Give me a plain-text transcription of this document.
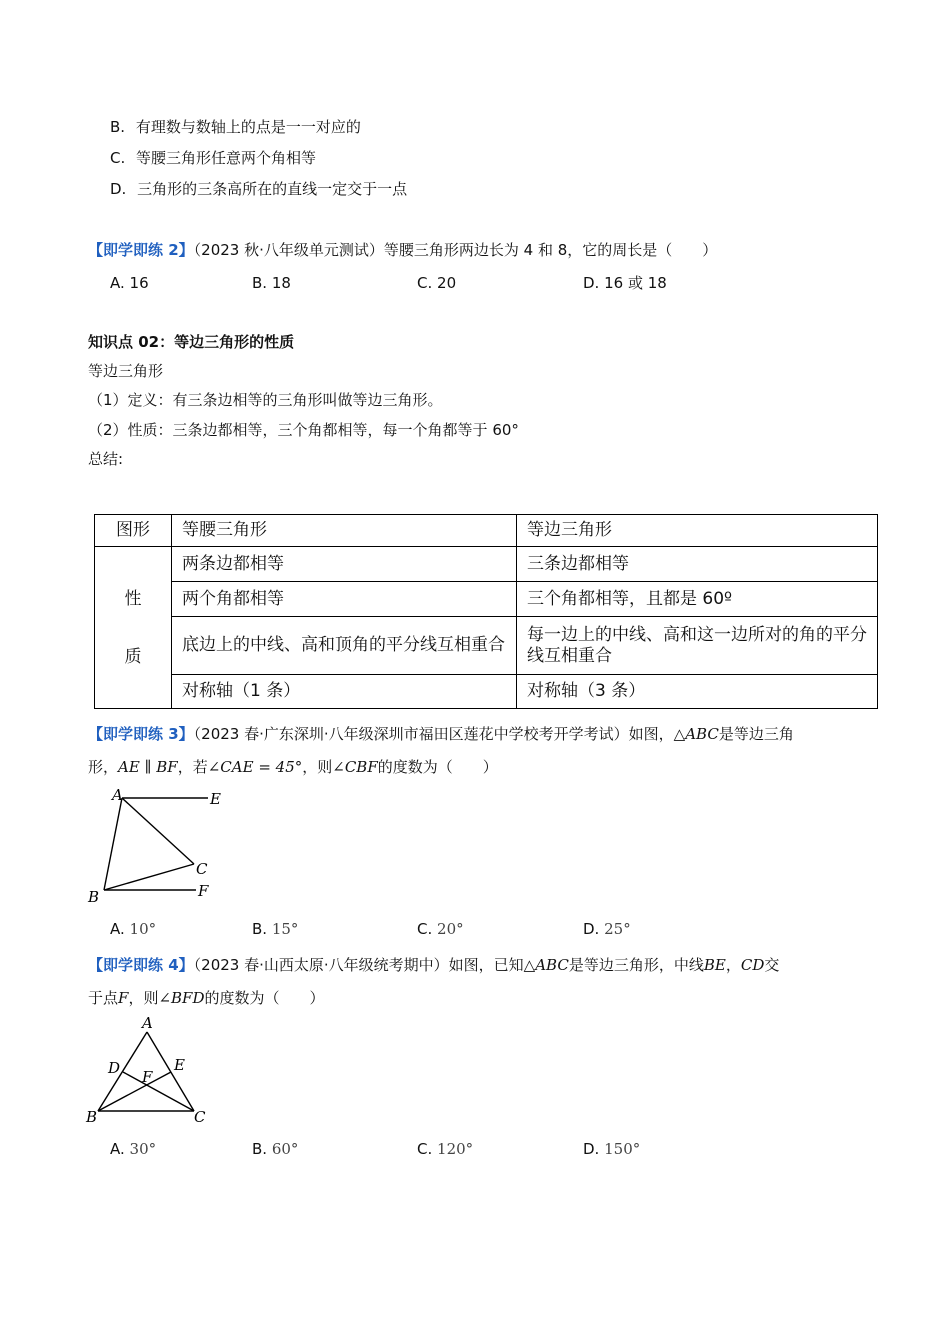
B. 有理数与数轴上的点是一一对应的
C. 等腰三角形任意两个角相等
D. 三角形的三条高所在的直线一定交于一点
【即学即练 2】（2023 秋·八年级单元测试）等腰三角形两边长为 4 和 8，它的周长是（　　）
A. 16	B. 18	C. 20	D. 16 或 18
知识点 02：等边三角形的性质
等边三角形
（1）定义：有三条边相等的三角形叫做等边三角形。
（2）性质：三条边都相等，三个角都相等，每一个角都等于 60°
总结:
图形	等腰三角形	等边三角形

性
质	两条边都相等	三条边都相等
	两个角都相等	三个角都相等，且都是 60º
	底边上的中线、高和顶角的平分线互相重合	每一边上的中线、高和这一边所对的角的平分线互相重合
	对称轴（1 条）	对称轴（3 条）
【即学即练 3】（2023 春·广东深圳·八年级深圳市福田区莲花中学校考开学考试）如图，△ABC是等边三角
形，AE ∥ BF，若∠CAE = 45°，则∠CBF的度数为（　　）
A	E
C
B	F
A. 10°	B. 15°	C. 20°	D. 25°
【即学即练 4】（2023 春·山西太原·八年级统考期中）如图，已知△ABC是等边三角形，中线BE，CD交
于点F，则∠BFD的度数为（　　）
A
D	E
F
B	C
A. 30°	B. 60°	C. 120°	D. 150°
